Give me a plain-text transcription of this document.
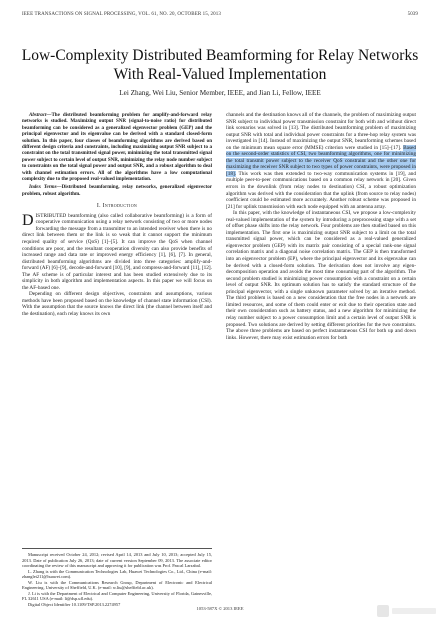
IEEE TRANSACTIONS ON SIGNAL PROCESSING, VOL. 61, NO. 20, OCTOBER 15, 2013	5039
Low-Complexity Distributed Beamforming for Relay Networks With Real-Valued Implementation
Lei Zhang, Wei Liu, Senior Member, IEEE, and Jian Li, Fellow, IEEE

Abstract—The distributed beamforming problem for amplify-and-forward relay networks is studied. Maximizing output SNR (signal-to-noise ratio) for distributed beamforming can be considered as a generalized eigenvector problem (GEP) and the principal eigenvector and its eigenvalue can be derived with a standard closed-form solution. In this paper, four classes of beamforming algorithms are derived based on different design criteria and constraints, including maximizing output SNR subject to a constraint on the total transmitted signal power, minimizing the total transmitted signal power subject to certain level of output SNR, minimizing the relay node number subject to constraints on the total signal power and output SNR, and a robust algorithm to deal with channel estimation errors. All of the algorithms have a low computational complexity due to the proposed real-valued implementation.

Index Terms—Distributed beamforming, relay networks, generalized eigenvector problem, robust algorithm.

I. Introduction

DISTRIBUTED beamforming (also called collaborative beamforming) is a form of cooperative communication using a relay network consisting of two or more nodes forwarding the message from a transmitter to an intended receiver when there is no direct link between them or the link is so weak that it cannot support the minimum required quality of service (QoS) [1]–[5]. It can improve the QoS when channel conditions are poor, and the resultant cooperation diversity can also provide benefits of increased range and data rate or improved energy efficiency [1], [6], [7]. In general, distributed beamforming algorithms are divided into three categories: amplify-and-forward (AF) [6]–[9], decode-and-forward [10], [9], and compress-and-forward [11], [12]. The AF scheme is of particular interest and has been studied extensively due to its simplicity in both algorithm and implementation aspects. In this paper we will focus on the AF-based one.

Depending on different design objectives, constraints and assumptions, various methods have been proposed based on the knowledge of channel state information (CSI). With the assumption that the source knows the direct link (the channel between itself and the destination), each relay knows its own

Manuscript received October 24, 2012; revised April 14, 2013 and July 10, 2013; accepted July 15, 2013. Date of publication July 26, 2013; date of current version September 09, 2013. The associate editor coordinating the review of this manuscript and approving it for publication was Prof. Pascal Larzabal.
L. Zhang is with the Communication Technologies Lab, Huawei Technologies Co., Ltd., China (e-mail: zhanglei211@huawei.com).
W. Liu is with the Communications Research Group, Department of Electronic and Electrical Engineering, University of Sheffield, U.K. (e-mail: w.liu@sheffield.ac.uk).
J. Li is with the Department of Electrical and Computer Engineering, University of Florida, Gainesville, FL 32611 USA (e-mail: li@dsp.ufl.edu).
Digital Object Identifier 10.1109/TSP.2013.2274957

channels and the destination knows all of the channels, the problem of maximizing output SNR subject to individual power transmission constraint for both with and without direct link scenarios was solved in [13]. The distributed beamforming problem of maximizing output SNR with total and individual power constraints for a three-hop relay system was investigated in [14]. Instead of maximizing the output SNR, beamforming schemes based on the minimum mean square error (MMSE) criterion were studied in [15]–[17]. Based on the second-order statistics of CSI, two beamforming algorithms, one for minimizing the total transmit power subject to the receiver QoS constraint and the other one for maximizing the receiver SNR subject to two types of power constraints, were proposed in [18]. This work was then extended to two-way communication systems in [19], and multiple peer-to-peer communications based on a common relay network in [20]. Given errors in the downlink (from relay nodes to destination) CSI, a robust optimization algorithm was derived with the consideration that the uplink (from source to relay nodes) coefficient could be estimated more accurately. Another robust scheme was proposed in [21] for uplink transmission with each node equipped with an antenna array.

In this paper, with the knowledge of instantaneous CSI, we propose a low-complexity real-valued implementation of the system by introducing a preprocessing stage with a set of offset phase shifts into the relay network. Four problems are then studied based on this implementation. The first one is maximizing output SNR subject to a limit on the total transmitted signal power, which can be considered as a real-valued generalized eigenvector problem (GEP) with its matrix pair consisting of a special rank-one signal correlation matrix and a diagonal noise correlation matrix. The GEP is then transformed into an eigenvector problem (EP), where the principal eigenvector and its eigenvalue can be derived with a closed-form solution. The derivation does not involve any eigen-decomposition operation and avoids the most time consuming part of the algorithm. The second problem studied is minimizing power consumption with a constraint on a certain level of output SNR. Its optimum solution has to satisfy the standard structure of the principal eigenvector, with a single unknown parameter solved by an iterative method. The third problem is based on a new consideration that the free nodes in a network are limited resources, and some of them could enter or exit due to their operation state and their own consideration such as battery status, and a new algorithm for minimizing the relay number subject to a power consumption limit and a certain level of output SNR is proposed. Two solutions are derived by setting different priorities for the two constraints. The above three problems are based on perfect instantaneous CSI for both up and down links. However, there may exist estimation errors for both

1053-587X © 2013 IEEE
